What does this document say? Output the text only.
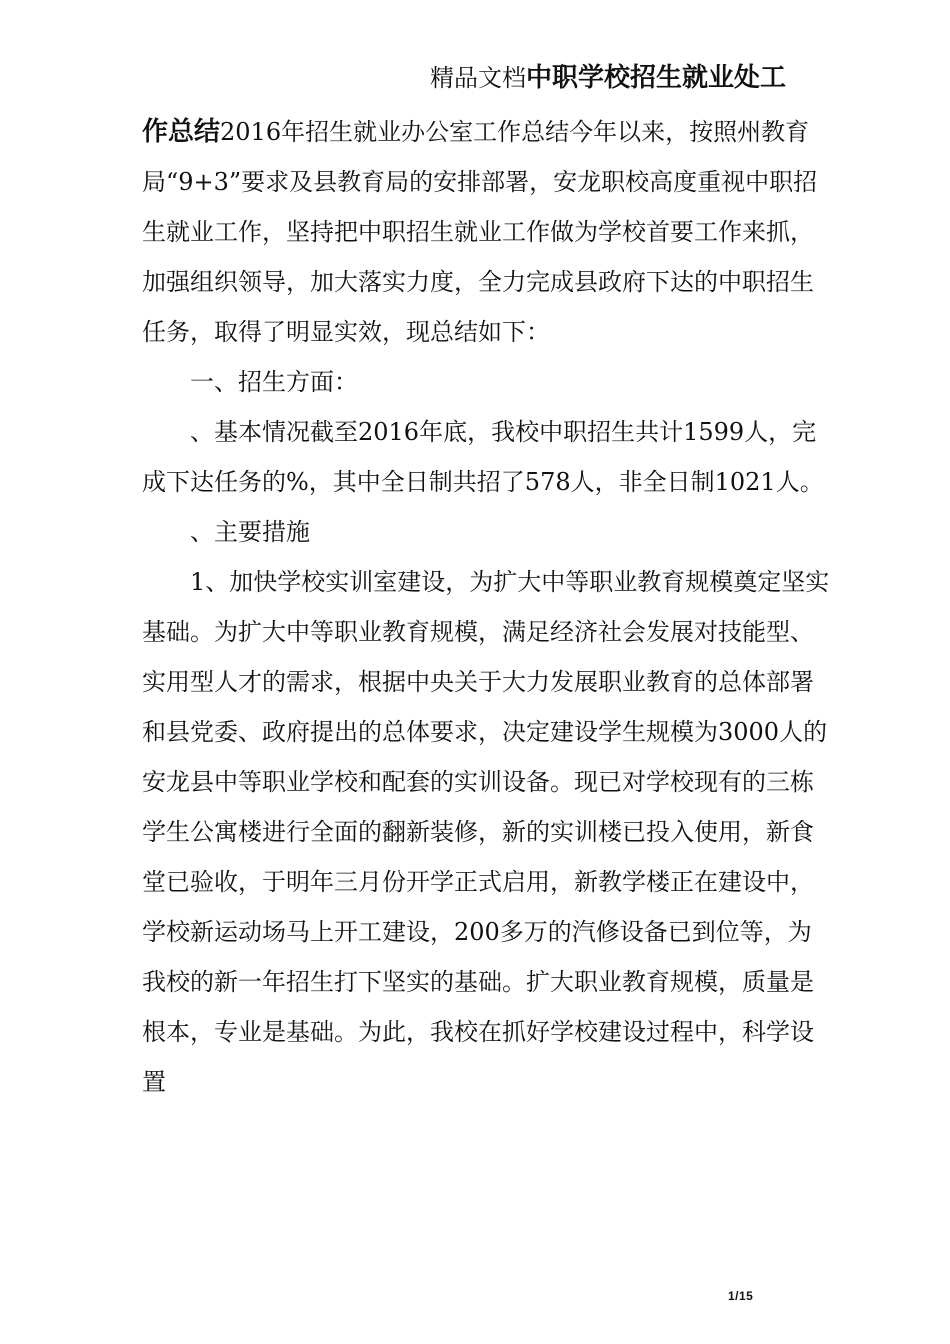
精品文档中职学校招生就业处工

作总结2016年招生就业办公室工作总结今年以来，按照州教育局“9+3”要求及县教育局的安排部署，安龙职校高度重视中职招生就业工作，坚持把中职招生就业工作做为学校首要工作来抓，加强组织领导，加大落实力度，全力完成县政府下达的中职招生任务，取得了明显实效，现总结如下：

一、招生方面：

、基本情况截至2016年底，我校中职招生共计1599人，完成下达任务的%，其中全日制共招了578人，非全日制1021人。

、主要措施

1、加快学校实训室建设，为扩大中等职业教育规模奠定坚实基础。为扩大中等职业教育规模，满足经济社会发展对技能型、实用型人才的需求，根据中央关于大力发展职业教育的总体部署和县党委、政府提出的总体要求，决定建设学生规模为3000人的安龙县中等职业学校和配套的实训设备。现已对学校现有的三栋学生公寓楼进行全面的翻新装修，新的实训楼已投入使用，新食堂已验收，于明年三月份开学正式启用，新教学楼正在建设中，学校新运动场马上开工建设，200多万的汽修设备已到位等，为我校的新一年招生打下坚实的基础。扩大职业教育规模，质量是根本，专业是基础。为此，我校在抓好学校建设过程中，科学设置

1/15
